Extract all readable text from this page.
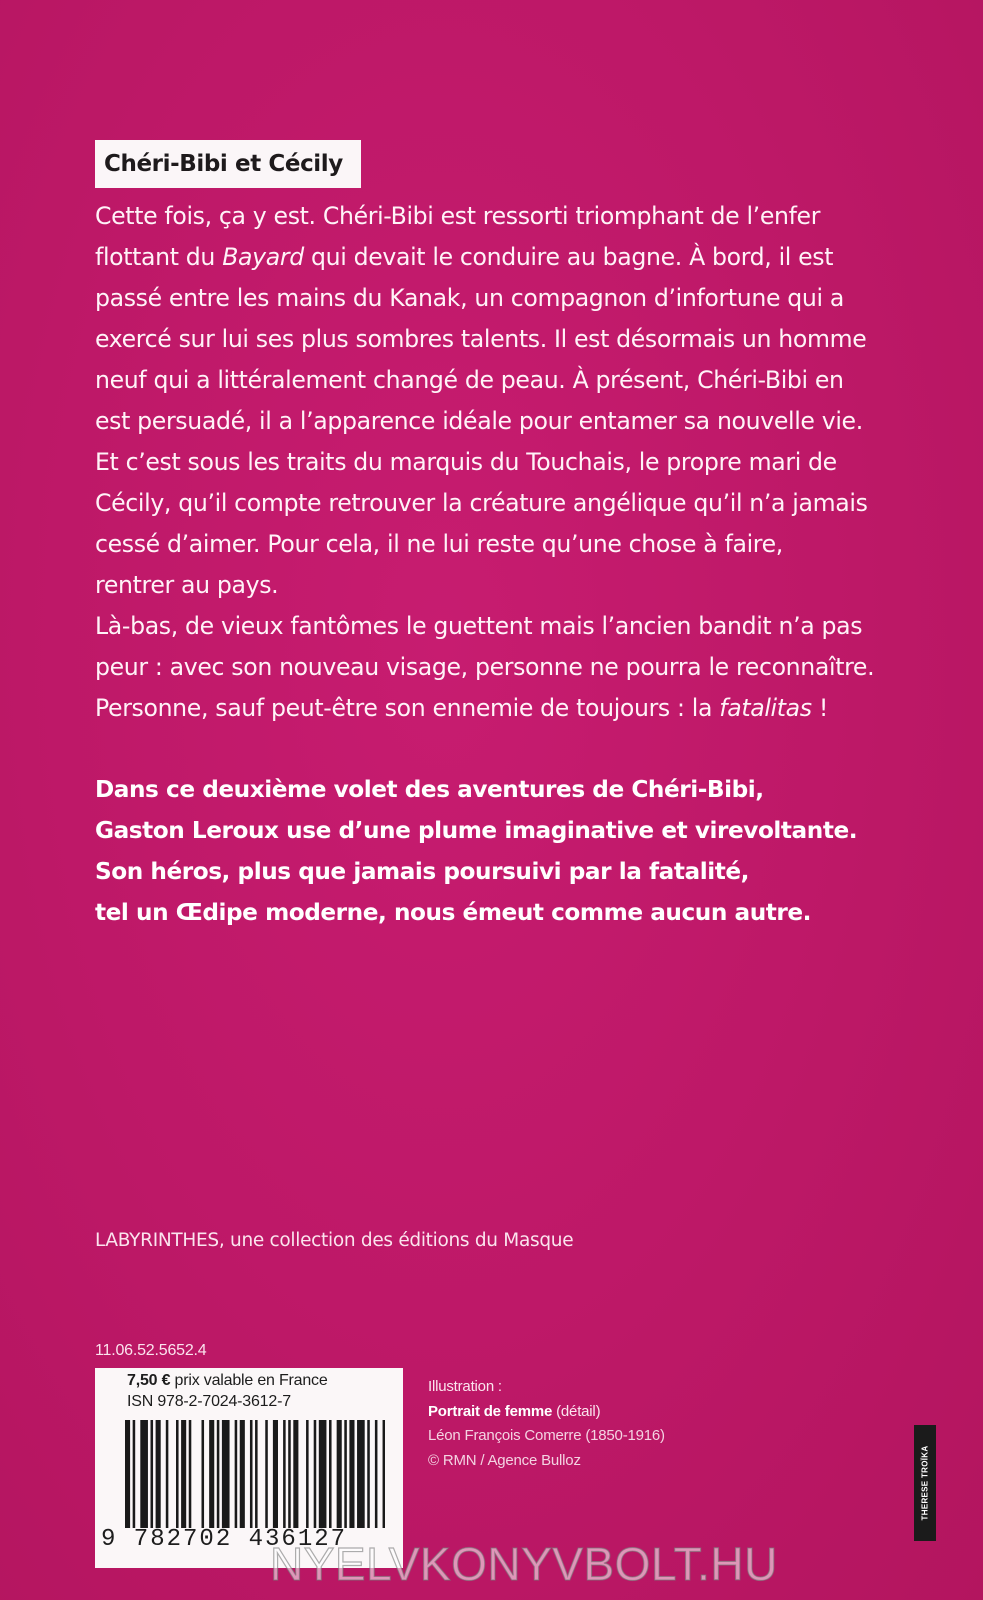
Chéri-Bibi et Cécily

Cette fois, ça y est. Chéri-Bibi est ressorti triomphant de l’enfer

flottant du Bayard qui devait le conduire au bagne. À bord, il est

passé entre les mains du Kanak, un compagnon d’infortune qui a

exercé sur lui ses plus sombres talents. Il est désormais un homme

neuf qui a littéralement changé de peau. À présent, Chéri-Bibi en

est persuadé, il a l’apparence idéale pour entamer sa nouvelle vie.

Et c’est sous les traits du marquis du Touchais, le propre mari de

Cécily, qu’il compte retrouver la créature angélique qu’il n’a jamais

cessé d’aimer. Pour cela, il ne lui reste qu’une chose à faire,

rentrer au pays.

Là-bas, de vieux fantômes le guettent mais l’ancien bandit n’a pas

peur : avec son nouveau visage, personne ne pourra le reconnaître.

Personne, sauf peut-être son ennemie de toujours : la fatalitas !

Dans ce deuxième volet des aventures de Chéri-Bibi,

Gaston Leroux use d’une plume imaginative et virevoltante.

Son héros, plus que jamais poursuivi par la fatalité,

tel un Œdipe moderne, nous émeut comme aucun autre.

LABYRINTHES, une collection des éditions du Masque
11.06.52.5652.4
7,50 € prix valable en France
ISN 978-2-7024-3612-7
9 782702 436127
Illustration :
Portrait de femme (détail)
Léon François Comerre (1850-1916)
© RMN / Agence Bulloz	THERESE TROÏKA
NYELVKONYVBOLT.HU
